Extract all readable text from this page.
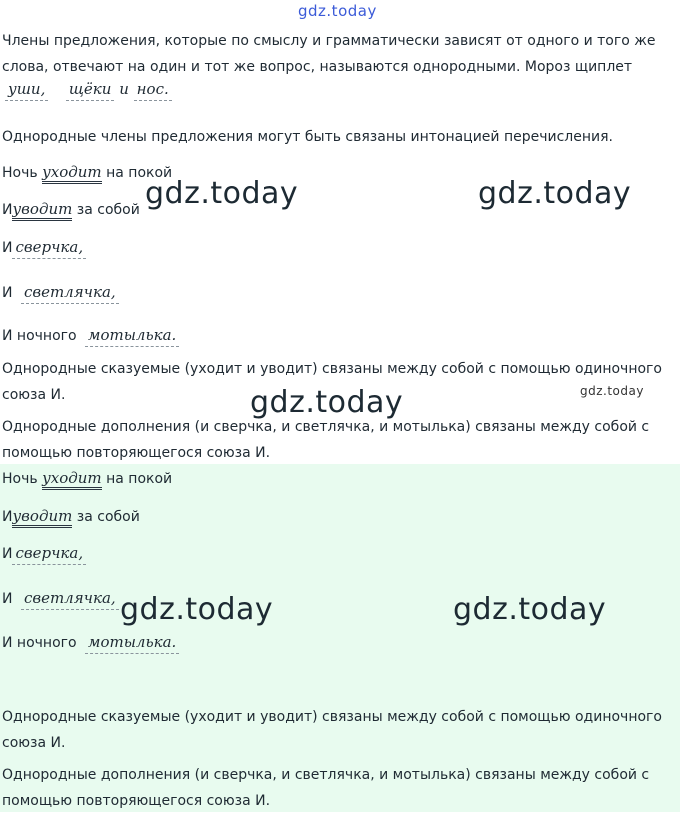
gdz.today
gdz.today	gdz.today
gdz.today	gdz.today
gdz.today	gdz.today
Члены предложения, которые по смыслу и грамматически зависят от одного и того же слова, отвечают на один и тот же вопрос, называются однородными. Мороз щиплет
уши, щёки и нос.
Однородные члены предложения могут быть связаны интонацией перечисления.
Ночь уходит на покой
Иуводит за собой
И сверчка,
И светлячка,
И ночного мотылька.
Однородные сказуемые (уходит и уводит) связаны между собой с помощью одиночного союза И.
Однородные дополнения (и сверчка, и светлячка, и мотылька) связаны между собой с помощью повторяющегося союза И.
Ночь уходит на покой
Иуводит за собой
И сверчка,
И светлячка,
И ночного мотылька.
Однородные сказуемые (уходит и уводит) связаны между собой с помощью одиночного союза И.
Однородные дополнения (и сверчка, и светлячка, и мотылька) связаны между собой с помощью повторяющегося союза И.
